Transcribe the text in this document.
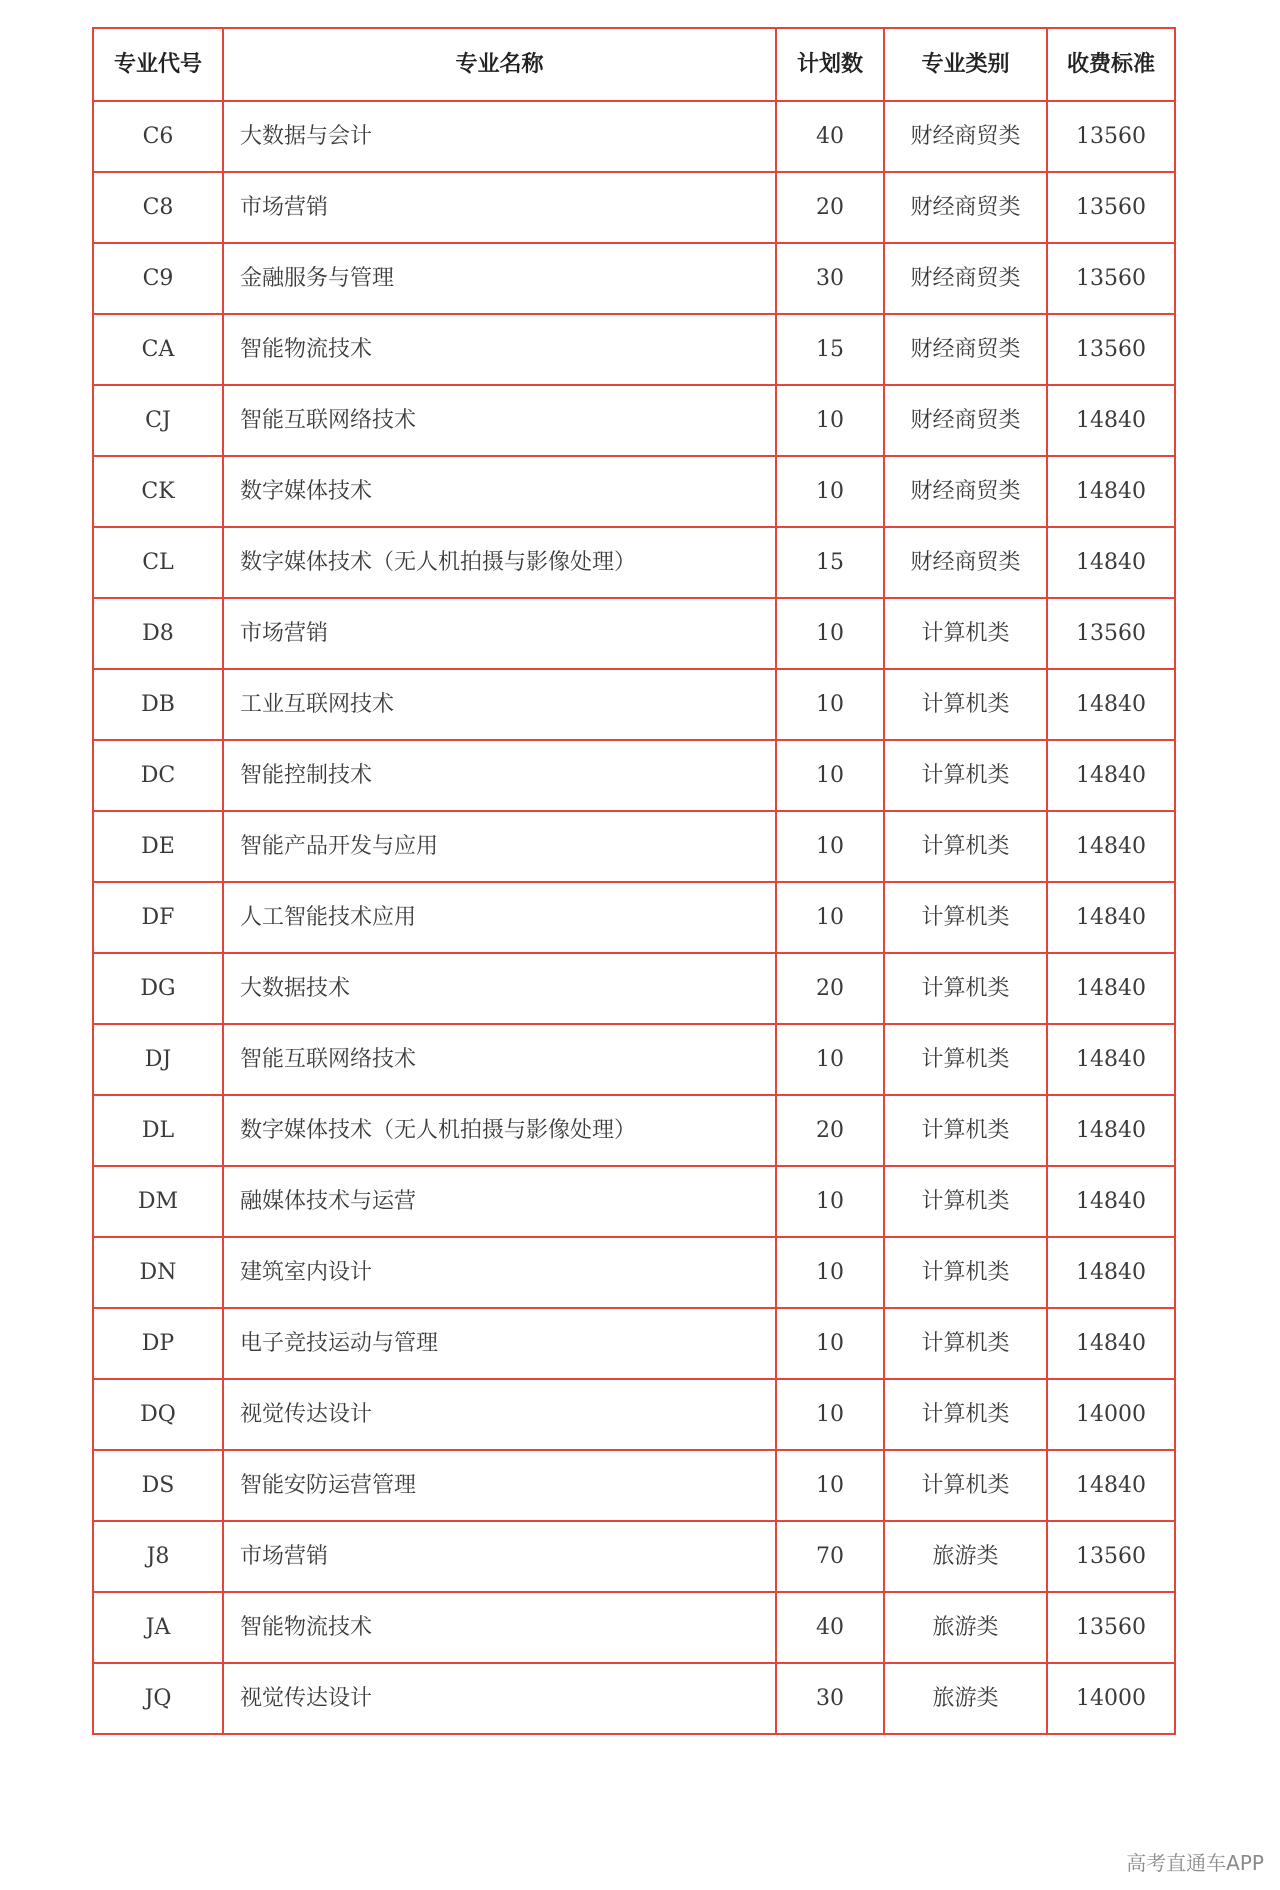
专业代号	专业名称	计划数	专业类别	收费标准
C6	大数据与会计	40	财经商贸类	13560
C8	市场营销	20	财经商贸类	13560
C9	金融服务与管理	30	财经商贸类	13560
CA	智能物流技术	15	财经商贸类	13560
CJ	智能互联网络技术	10	财经商贸类	14840
CK	数字媒体技术	10	财经商贸类	14840
CL	数字媒体技术（无人机拍摄与影像处理）	15	财经商贸类	14840
D8	市场营销	10	计算机类	13560
DB	工业互联网技术	10	计算机类	14840
DC	智能控制技术	10	计算机类	14840
DE	智能产品开发与应用	10	计算机类	14840
DF	人工智能技术应用	10	计算机类	14840
DG	大数据技术	20	计算机类	14840
DJ	智能互联网络技术	10	计算机类	14840
DL	数字媒体技术（无人机拍摄与影像处理）	20	计算机类	14840
DM	融媒体技术与运营	10	计算机类	14840
DN	建筑室内设计	10	计算机类	14840
DP	电子竞技运动与管理	10	计算机类	14840
DQ	视觉传达设计	10	计算机类	14000
DS	智能安防运营管理	10	计算机类	14840
J8	市场营销	70	旅游类	13560
JA	智能物流技术	40	旅游类	13560
JQ	视觉传达设计	30	旅游类	14000
高考直通车APP
